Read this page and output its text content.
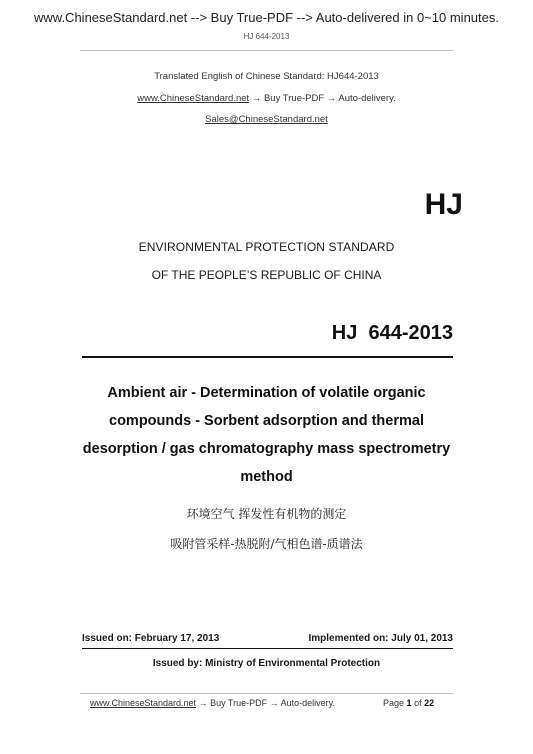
www.ChineseStandard.net --> Buy True-PDF --> Auto-delivered in 0~10 minutes.
HJ 644-2013
Translated English of Chinese Standard: HJ644-2013
www.ChineseStandard.net → Buy True-PDF → Auto-delivery.
Sales@ChineseStandard.net
HJ
ENVIRONMENTAL PROTECTION STANDARD
OF THE PEOPLE’S REPUBLIC OF CHINA
HJ  644-2013
Ambient air - Determination of volatile organic
compounds - Sorbent adsorption and thermal
desorption / gas chromatography mass spectrometry
method
环境空气 挥发性有机物的测定
吸附管采样-热脱附/气相色谱-质谱法
Issued on: February 17, 2013	Implemented on: July 01, 2013
Issued by: Ministry of Environmental Protection
www.ChineseStandard.net → Buy True-PDF → Auto-delivery.	Page 1 of 22
